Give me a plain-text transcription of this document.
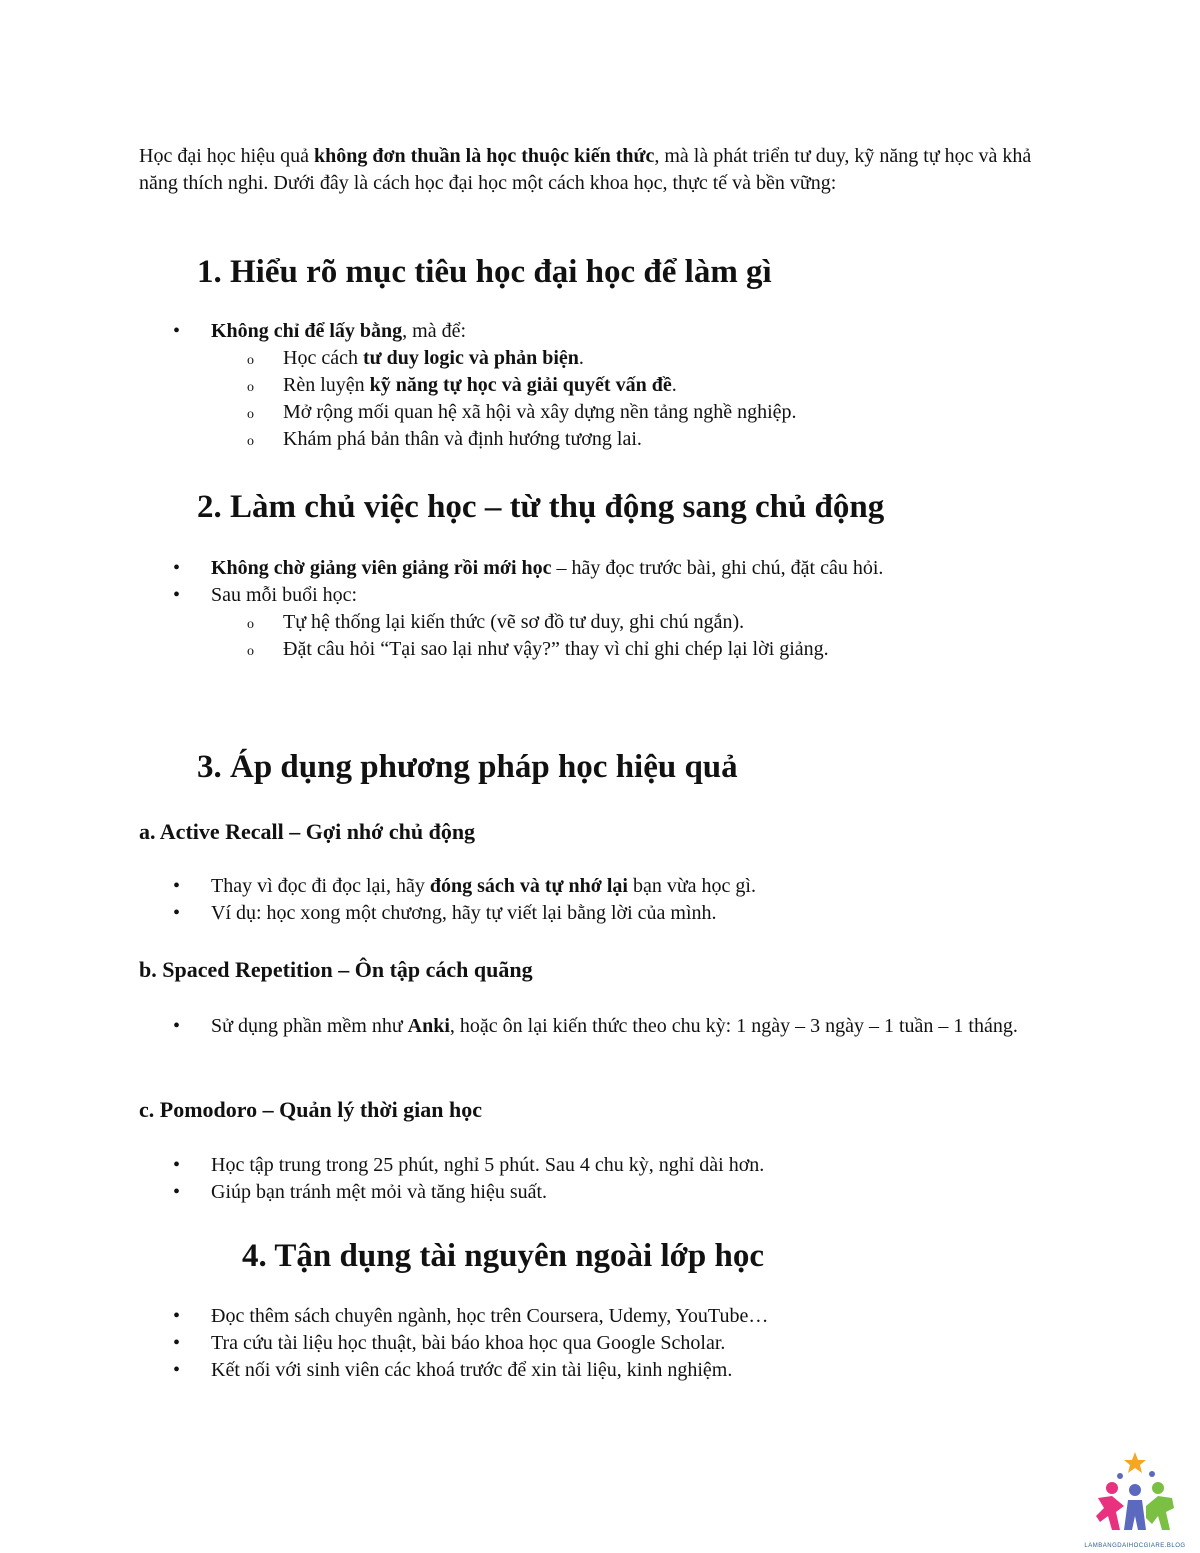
Học đại học hiệu quả không đơn thuần là học thuộc kiến thức, mà là phát triển tư duy, kỹ năng tự học và khả năng thích nghi. Dưới đây là cách học đại học một cách khoa học, thực tế và bền vững:

1. Hiểu rõ mục tiêu học đại học để làm gì
• Không chỉ để lấy bằng, mà để:
o Học cách tư duy logic và phản biện.
o Rèn luyện kỹ năng tự học và giải quyết vấn đề.
o Mở rộng mối quan hệ xã hội và xây dựng nền tảng nghề nghiệp.
o Khám phá bản thân và định hướng tương lai.
2. Làm chủ việc học – từ thụ động sang chủ động
• Không chờ giảng viên giảng rồi mới học – hãy đọc trước bài, ghi chú, đặt câu hỏi.
• Sau mỗi buổi học:
o Tự hệ thống lại kiến thức (vẽ sơ đồ tư duy, ghi chú ngắn).
o Đặt câu hỏi “Tại sao lại như vậy?” thay vì chỉ ghi chép lại lời giảng.
3. Áp dụng phương pháp học hiệu quả
a. Active Recall – Gợi nhớ chủ động
• Thay vì đọc đi đọc lại, hãy đóng sách và tự nhớ lại bạn vừa học gì.
• Ví dụ: học xong một chương, hãy tự viết lại bằng lời của mình.
b. Spaced Repetition – Ôn tập cách quãng
• Sử dụng phần mềm như Anki, hoặc ôn lại kiến thức theo chu kỳ: 1 ngày – 3 ngày – 1 tuần – 1 tháng.
c. Pomodoro – Quản lý thời gian học
• Học tập trung trong 25 phút, nghỉ 5 phút. Sau 4 chu kỳ, nghỉ dài hơn.
• Giúp bạn tránh mệt mỏi và tăng hiệu suất.
4. Tận dụng tài nguyên ngoài lớp học
• Đọc thêm sách chuyên ngành, học trên Coursera, Udemy, YouTube…
• Tra cứu tài liệu học thuật, bài báo khoa học qua Google Scholar.
• Kết nối với sinh viên các khoá trước để xin tài liệu, kinh nghiệm.
LAMBANGDAIHOCGIARE.BLOG
